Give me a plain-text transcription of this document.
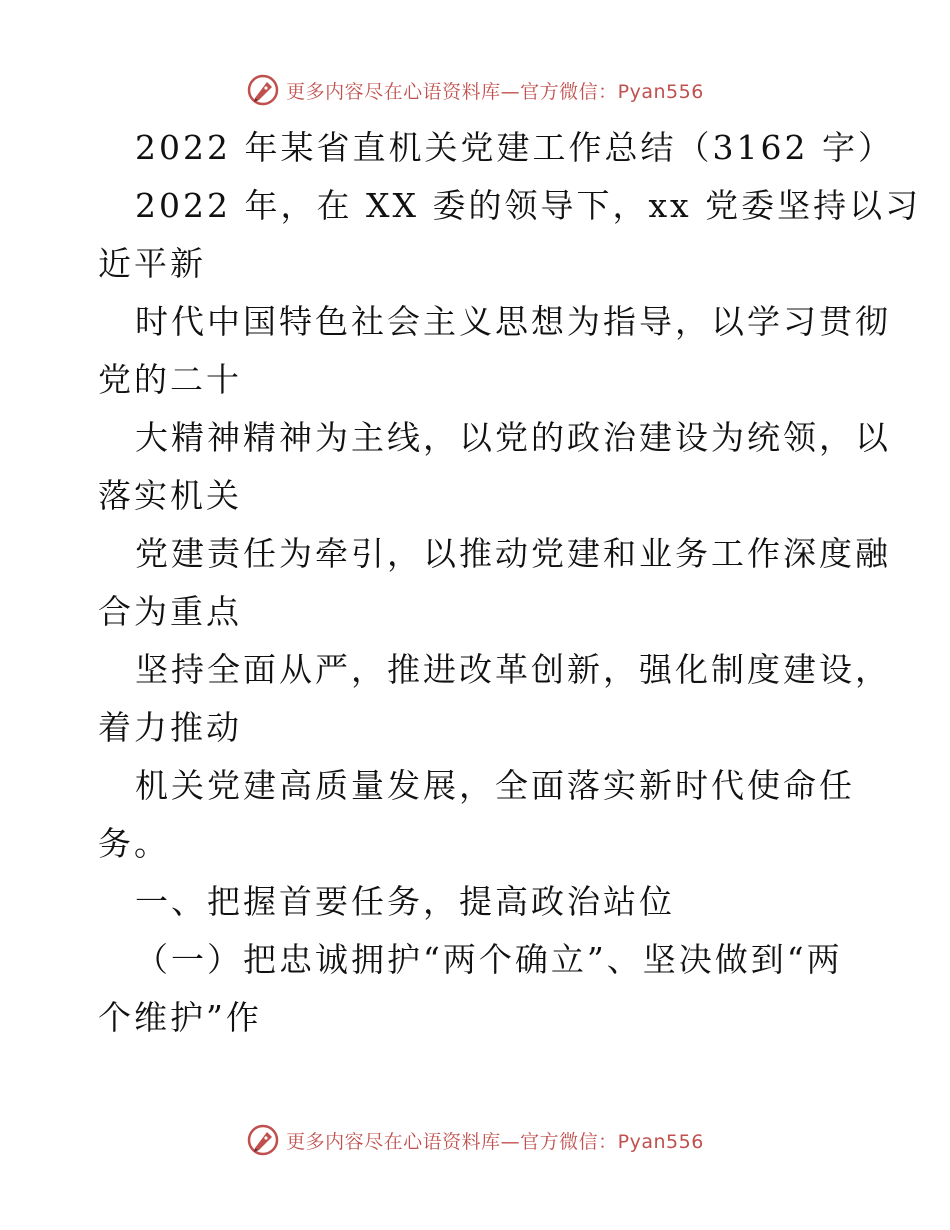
更多内容尽在心语资料库—官方微信：Pyan556
2022 年某省直机关党建工作总结（3162 字）
2022 年，在 XX 委的领导下，xx 党委坚持以习
近平新
时代中国特色社会主义思想为指导，以学习贯彻
党的二十
大精神精神为主线，以党的政治建设为统领，以
落实机关
党建责任为牵引，以推动党建和业务工作深度融
合为重点
坚持全面从严，推进改革创新，强化制度建设，
着力推动
机关党建高质量发展，全面落实新时代使命任
务。
一、把握首要任务，提高政治站位
（一）把忠诚拥护“两个确立”、坚决做到“两
个维护”作
更多内容尽在心语资料库—官方微信：Pyan556
